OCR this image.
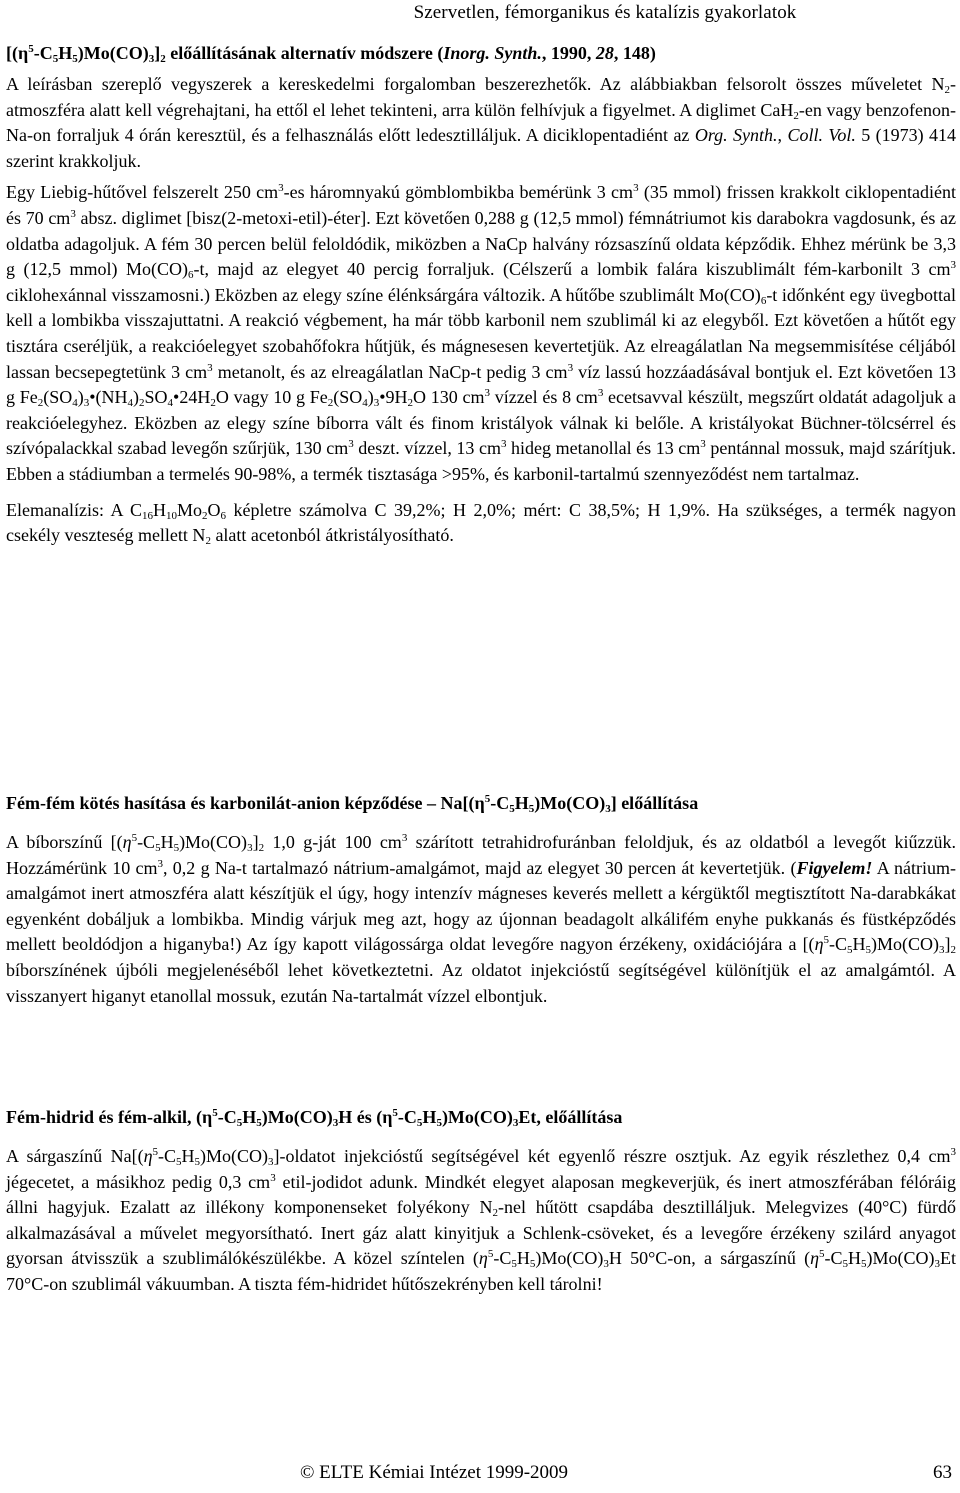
Szervetlen, fémorganikus és katalízis gyakorlatok
$[(\eta^5-C_5H_5)Mo(CO)_3]_2$ előállításának alternatív módszere (Inorg. Synth., 1990, 28, 148)

A leírásban szereplő vegyszerek a kereskedelmi forgalomban beszerezhetők. Az alábbiakban felsorolt összes műveletet $N_2$-atmoszféra alatt kell végrehajtani, ha ettől el lehet tekinteni, arra külön felhívjuk a figyelmet. A diglimet CaH$_2$-en vagy benzofenon-Na-on forraljuk 4 órán keresztül, és a felhasználás előtt ledesztilláljuk. A diciklopentadiént az Org. Synth., Coll. Vol. 5 (1973) 414 szerint krakkoljuk.

Egy Liebig-hűtővel felszerelt 250 $cm^3-es$ háromnyakú gömblombikba bemérünk 3 $cm^3$ (35 mmol) frissen krakkolt ciklopentadiént és 70 $cm^3$ absz. diglimet [bisz(2-metoxi-etil)-éter]. Ezt követően 0,288 g (12,5 mmol) fémnátriumot kis darabokra vagdosunk, és az oldatba adagoljuk. A fém 30 percen belül feloldódik, miközben a NaCp halvány rózsaszínű oldata képződik. Ehhez mérünk be 3,3 g (12,5 mmol) $Mo(CO)_6-t$, majd az elegyet 40 percig forraljuk. (Célszerű a lombik falára kiszublimált fém-karbonilt 3 $cm^3$ ciklohexánnal visszamosni.) Eközben az elegy színe élénksárgára változik. A hűtőbe szublimált $Mo(CO)_6-t$ időnként egy üvegbottal kell a lombikba visszajuttatni. A reakció végbement, ha már több karbonil nem szublimál ki az elegyből. Ezt követően a hűtőt egy tisztára cseréljük, a reakcióelegyet szobahőfokra hűtjük, és mágnesesen kevertetjük. Az elreagálatlan Na megsemmisítése céljából lassan becsepegtetünk 3 $cm^3$ metanolt, és az elreagálatlan NaCp-t pedig 3 $cm^3$ víz lassú hozzáadásával bontjuk el. Ezt követően 13 g $Fe_2(SO_4)_3•(NH_4)_2SO_4•24H_2O$ vagy 10 g $Fe_2(SO_4)_3•9H_2O$ 130 $cm^3$ vízzel és 8 $cm^3$ ecetsavval készült, megszűrt oldatát adagoljuk a reakcióelegyhez. Eközben az elegy színe bíborra vált és finom kristályok válnak ki belőle. A kristályokat Büchner-tölcsérrel és szívópalackkal szabad levegőn szűrjük, 130 $cm^3$ deszt. vízzel, 13 $cm^3$ hideg metanollal és 13 $cm^3$ pentánnal mossuk, majd szárítjuk. Ebben a stádiumban a termelés 90-98%, a termék tisztasága >95%, és karbonil-tartalmú szennyeződést nem tartalmaz.

Elemanalízis: A $C_{16}H_{10}Mo_2O_6$ képletre számolva C 39,2%; H 2,0%; mért: C 38,5%; H 1,9%. Ha szükséges, a termék nagyon csekély veszteség mellett $N_2$ alatt acetonból átkristályosítható.

Fém-fém kötés hasítása és karbonilát-anion képződése – $Na[(\eta^5-C_5H_5)Mo(CO)_3]$ előállítása

A bíborszínű $[(\eta^5-C_5H_5)Mo(CO)_3]_2$ 1,0 g-ját 100 $cm^3$ szárított tetrahidrofuránban feloldjuk, és az oldatból a levegőt kiűzzük. Hozzámérünk 10 $cm^3$, 0,2 g Na-t tartalmazó nátrium-amalgámot, majd az elegyet 30 percen át kevertetjük. (Figyelem! A nátrium-amalgámot inert atmoszféra alatt készítjük el úgy, hogy intenzív mágneses keverés mellett a kérgüktől megtisztított Na-darabkákat egyenként dobáljuk a lombikba. Mindig várjuk meg azt, hogy az újonnan beadagolt alkálifém enyhe pukkanás és füstképződés mellett beoldódjon a higanyba!) Az így kapott világossárga oldat levegőre nagyon érzékeny, oxidációjára a $[(\eta^5-C_5H_5)Mo(CO)_3]_2$ bíborszínének újbóli megjelenéséből lehet következtetni. Az oldatot injekcióstű segítségével különítjük el az amalgámtól. A visszanyert higanyt etanollal mossuk, ezután Na-tartalmát vízzel elbontjuk.

Fém-hidrid és fém-alkil, $(\eta^5-C_5H_5)Mo(CO)_3H$ és $(\eta^5-C_5H_5)Mo(CO)_3Et$, előállítása

A sárgaszínű $Na[(\eta^5-C_5H_5)Mo(CO)_3]$-oldatot injekcióstű segítségével két egyenlő részre osztjuk. Az egyik részlethez 0,4 $cm^3$ jégecetet, a másikhoz pedig 0,3 $cm^3$ etil-jodidot adunk. Mindkét elegyet alaposan megkeverjük, és inert atmoszférában félóráig állni hagyjuk. Ezalatt az illékony komponenseket folyékony $N_2$-nel hűtött csapdába desztilláljuk. Melegvizes (40°C) fürdő alkalmazásával a művelet megyorsítható. Inert gáz alatt kinyitjuk a Schlenk-csöveket, és a levegőre érzékeny szilárd anyagot gyorsan átvisszük a szublimálókészülékbe. A közel színtelen $(\eta^5-C_5H_5)Mo(CO)_3H$ 50°C-on, a sárgaszínű $(\eta^5-C_5H_5)Mo(CO)_3Et$ 70°C-on szublimál vákuumban. A tiszta fém-hidridet hűtőszekrényben kell tárolni!

© ELTE Kémiai Intézet 1999-2009	63
